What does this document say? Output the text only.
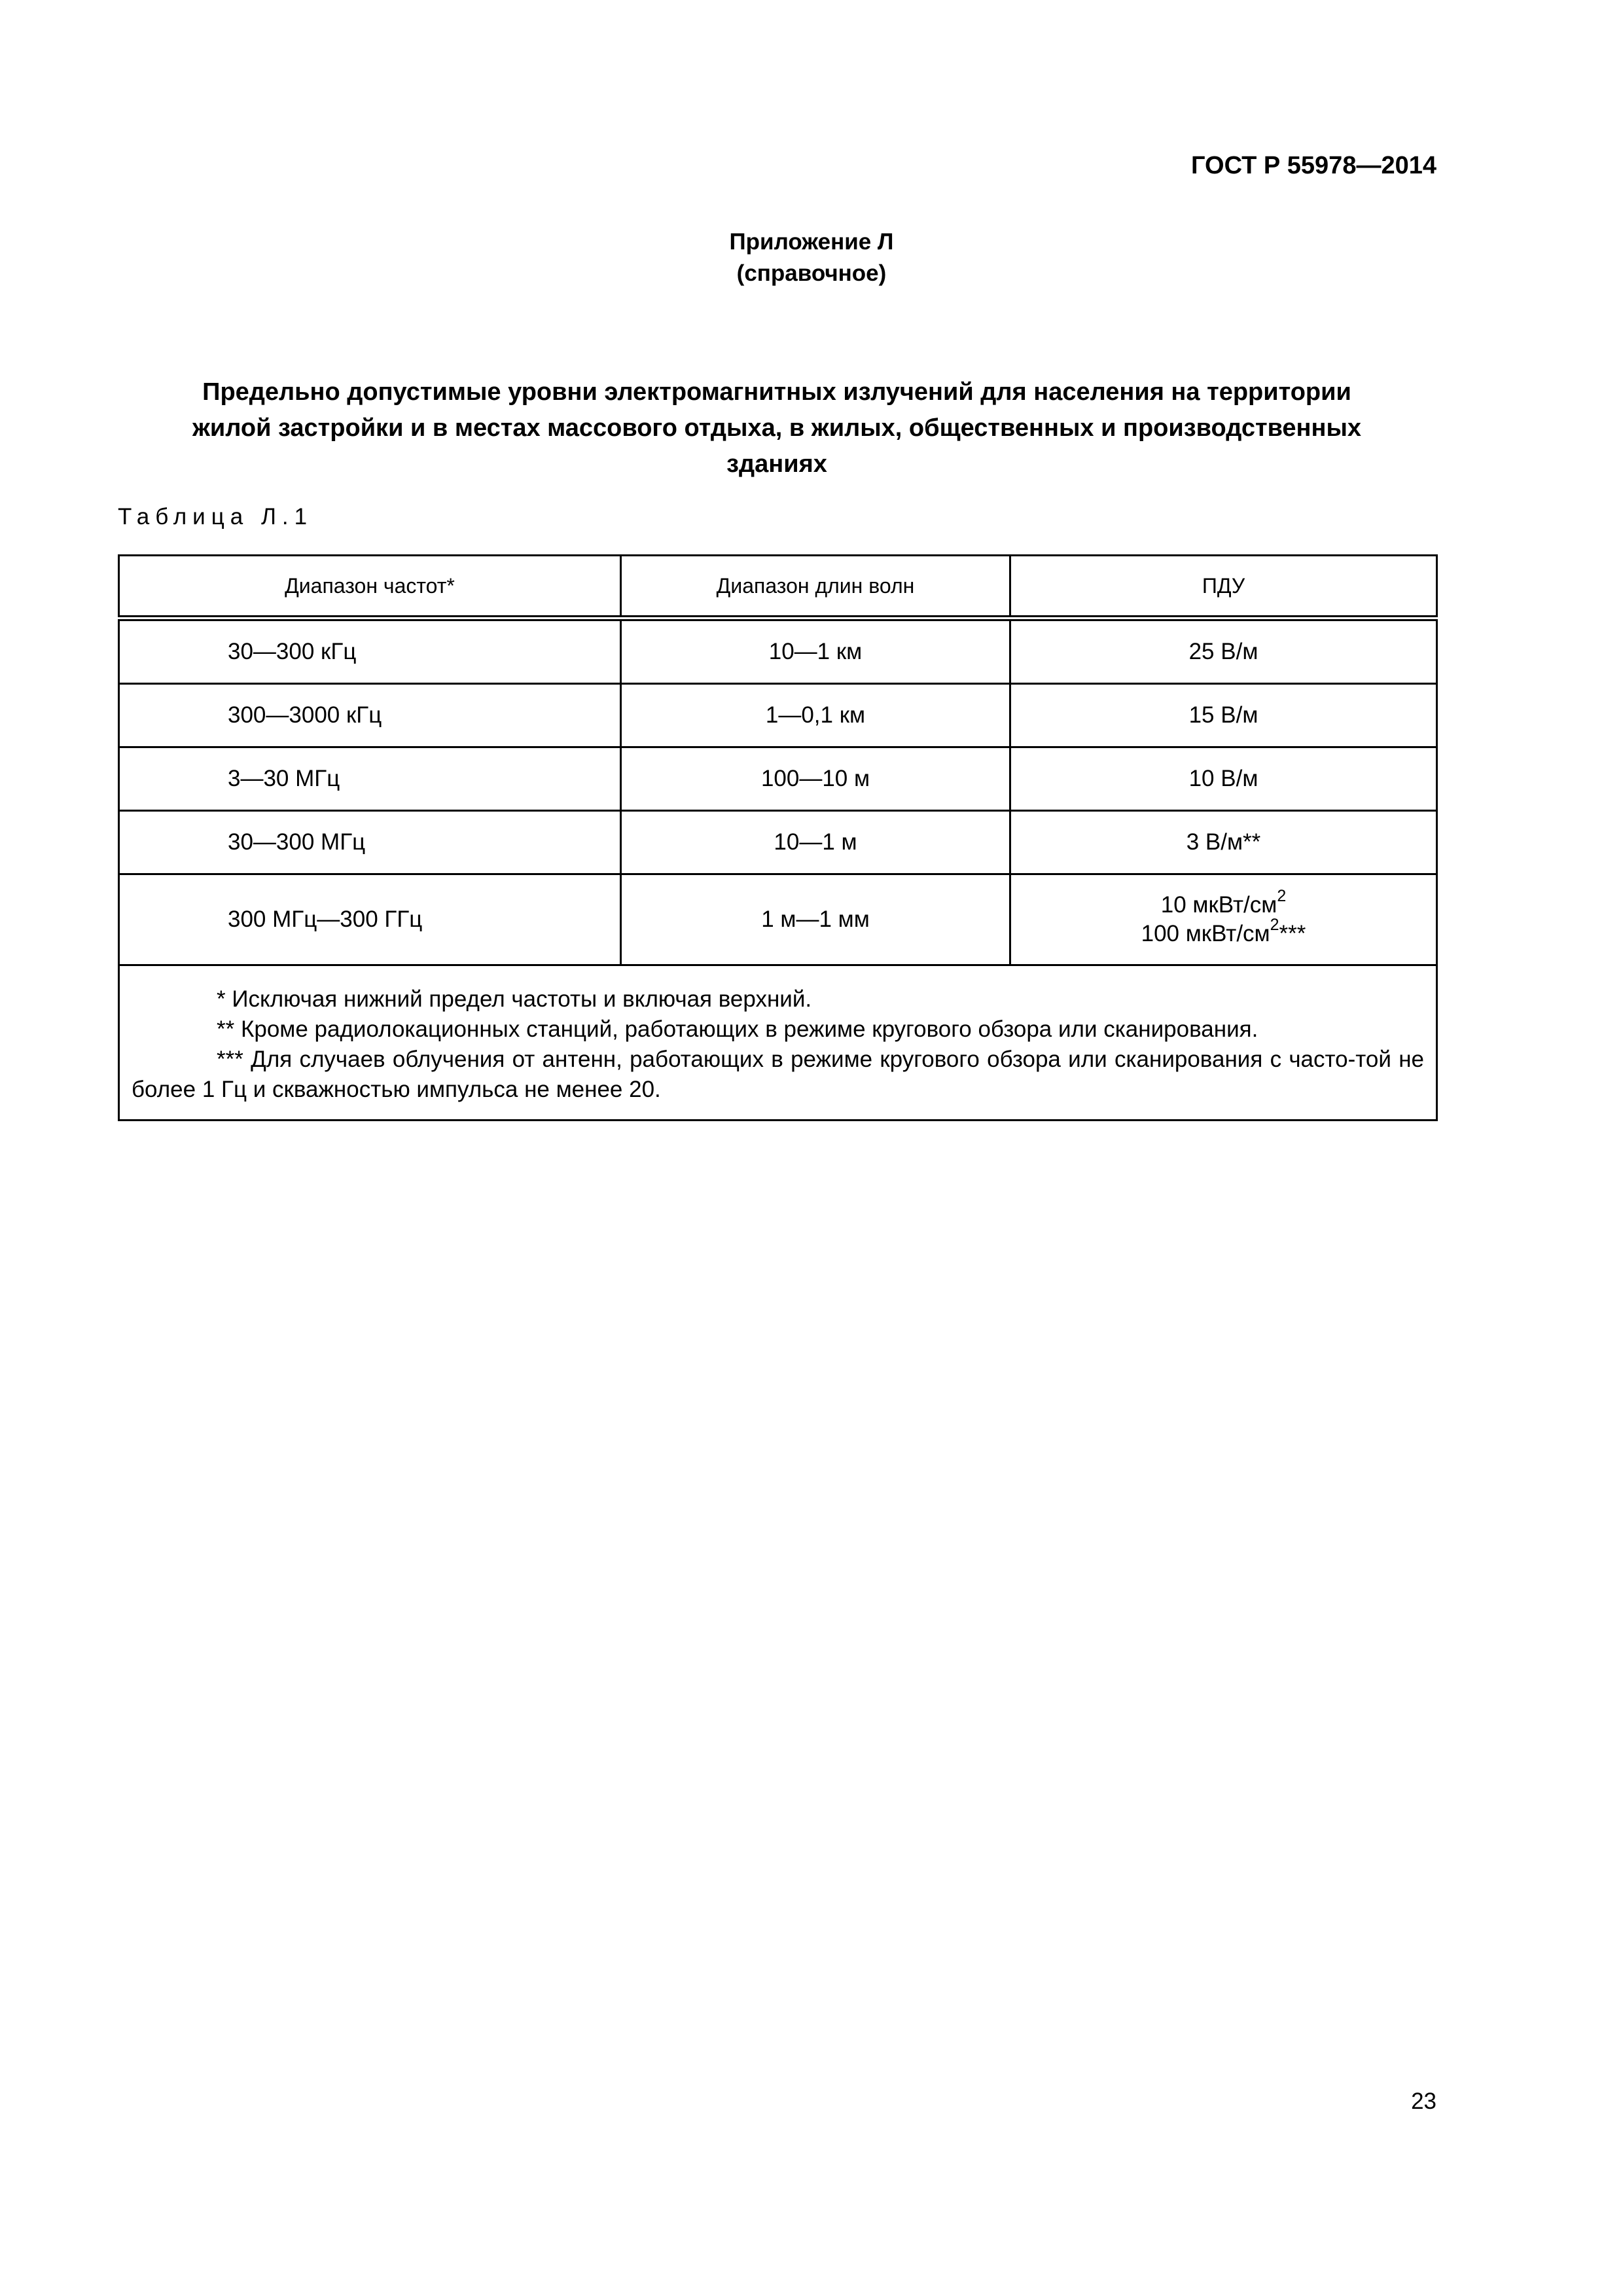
ГОСТ Р 55978—2014
Приложение Л
(справочное)
Предельно допустимые уровни электромагнитных излучений для населения на территории
жилой застройки и в местах массового отдыха, в жилых, общественных и производственных
зданиях
Таблица Л.1
Диапазон частот*	Диапазон длин волн	ПДУ
30—300 кГц	10—1 км	25 В/м
300—3000 кГц	1—0,1 км	15 В/м
3—30 МГц	100—10 м	10 В/м
30—300 МГц	10—1 м	3 В/м**
300 МГц—300 ГГц	1 м—1 мм	10 мкВт/$см^2$
100 мкВт/$см^2***$

* Исключая нижний предел частоты и включая верхний.
** Кроме радиолокационных станций, работающих в режиме кругового обзора или сканирования.
*** Для случаев облучения от антенн, работающих в режиме кругового обзора или сканирования с часто-той не более 1 Гц и скважностью импульса не менее 20.		
23
